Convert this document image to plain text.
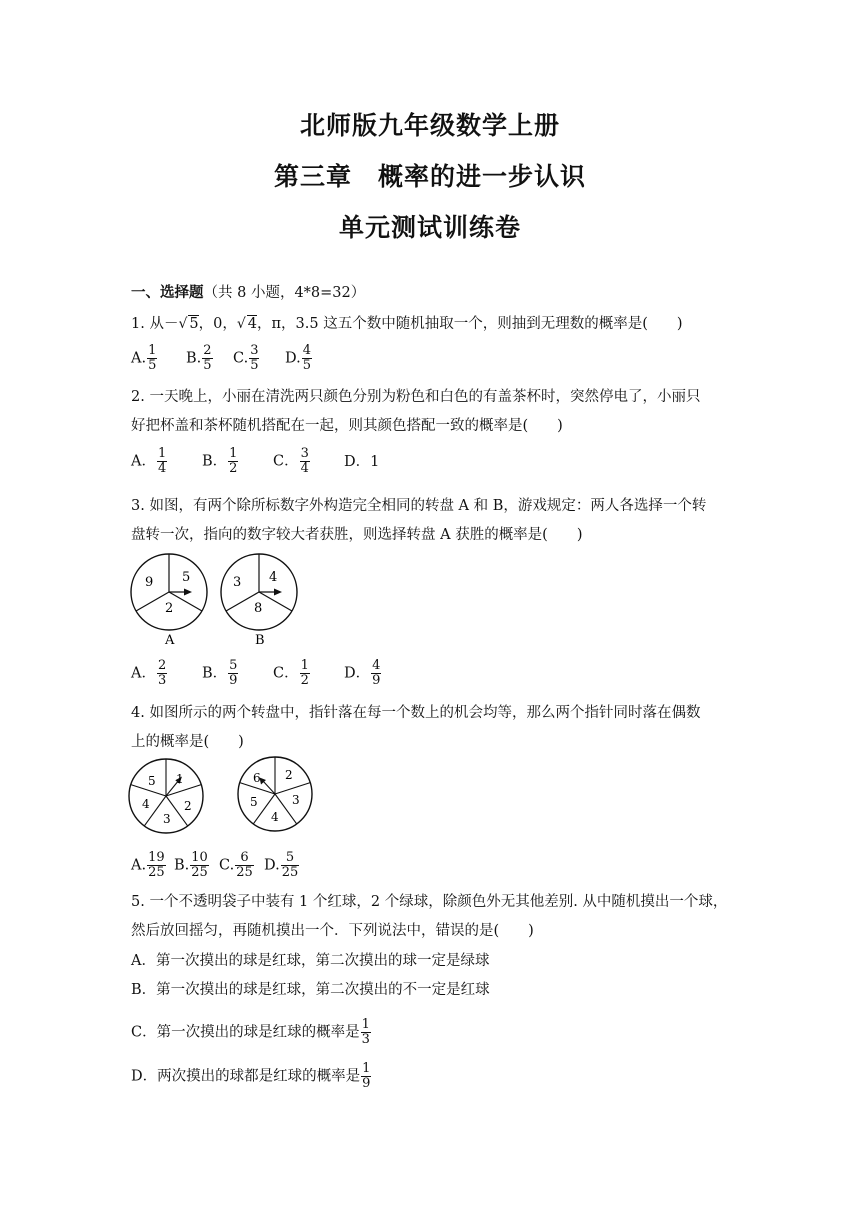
北师版九年级数学上册
第三章 概率的进一步认识
单元测试训练卷
一、选择题（共 8 小题，4*8=32）
1. 从－√ 5，0，√ 4，π，3.5 这五个数中随机抽取一个，则抽到无理数的概率是(　　)
A. $\frac{1}{5} B$. $\frac{2}{5} C$. $\frac{3}{5} D$. $\frac{4}{5}$
2. 一天晚上，小丽在清洗两只颜色分别为粉色和白色的有盖茶杯时，突然停电了，小丽只
好把杯盖和茶杯随机搭配在一起，则其颜色搭配一致的概率是(　　)
A． $\frac{1}{4}$ B． $\frac{1}{2}$ C． $\frac{3}{4}$ D．1
3. 如图，有两个除所标数字外构造完全相同的转盘 A 和 B，游戏规定：两人各选择一个转
盘转一次，指向的数字较大者获胜，则选择转盘 A 获胜的概率是(　　)
9 5
2
A
3 4
8
B
A． $\frac{2}{3}$ B． $\frac{5}{9}$ C． $\frac{1}{2}$ D． $\frac{4}{9}$
4. 如图所示的两个转盘中，指针落在每一个数上的机会均等，那么两个指针同时落在偶数
上的概率是(　　)
1
2
3
4
5	2
3
4
5
6
A. $\frac{19}{25} B$. $\frac{10}{25} C$. $\frac{6}{25} D$. $\frac{5}{25}$
5. 一个不透明袋子中装有 1 个红球，2 个绿球，除颜色外无其他差别. 从中随机摸出一个球，
然后放回摇匀，再随机摸出一个．下列说法中，错误的是(　　)
A．第一次摸出的球是红球，第二次摸出的球一定是绿球
B．第一次摸出的球是红球，第二次摸出的不一定是红球
C．第一次摸出的球是红球的概率是 $\frac{1}{3}$
D．两次摸出的球都是红球的概率是 $\frac{1}{9}$
